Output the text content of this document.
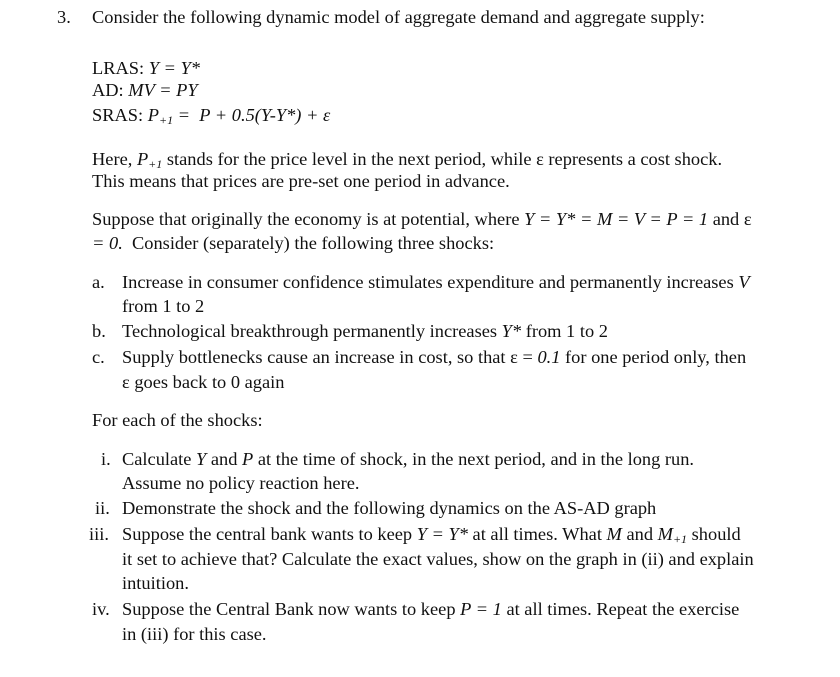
3. Consider the following dynamic model of aggregate demand and aggregate supply:
LRAS: Y = Y*
AD: MV = PY
SRAS: P+1 =  P + 0.5(Y-Y*) + ε
Here, P+1 stands for the price level in the next period, while ε represents a cost shock.
This means that prices are pre-set one period in advance.
Suppose that originally the economy is at potential, where Y = Y* = M = V = P = 1 and ε
= 0.  Consider (separately) the following three shocks:
a. Increase in consumer confidence stimulates expenditure and permanently increases V
from 1 to 2
b. Technological breakthrough permanently increases Y* from 1 to 2
c. Supply bottlenecks cause an increase in cost, so that ε = 0.1 for one period only, then
ε goes back to 0 again
For each of the shocks:
i. Calculate Y and P at the time of shock, in the next period, and in the long run.
Assume no policy reaction here.
ii. Demonstrate the shock and the following dynamics on the AS-AD graph
iii. Suppose the central bank wants to keep Y = Y* at all times. What M and M+1 should
it set to achieve that? Calculate the exact values, show on the graph in (ii) and explain
intuition.
iv. Suppose the Central Bank now wants to keep P = 1 at all times. Repeat the exercise
in (iii) for this case.
